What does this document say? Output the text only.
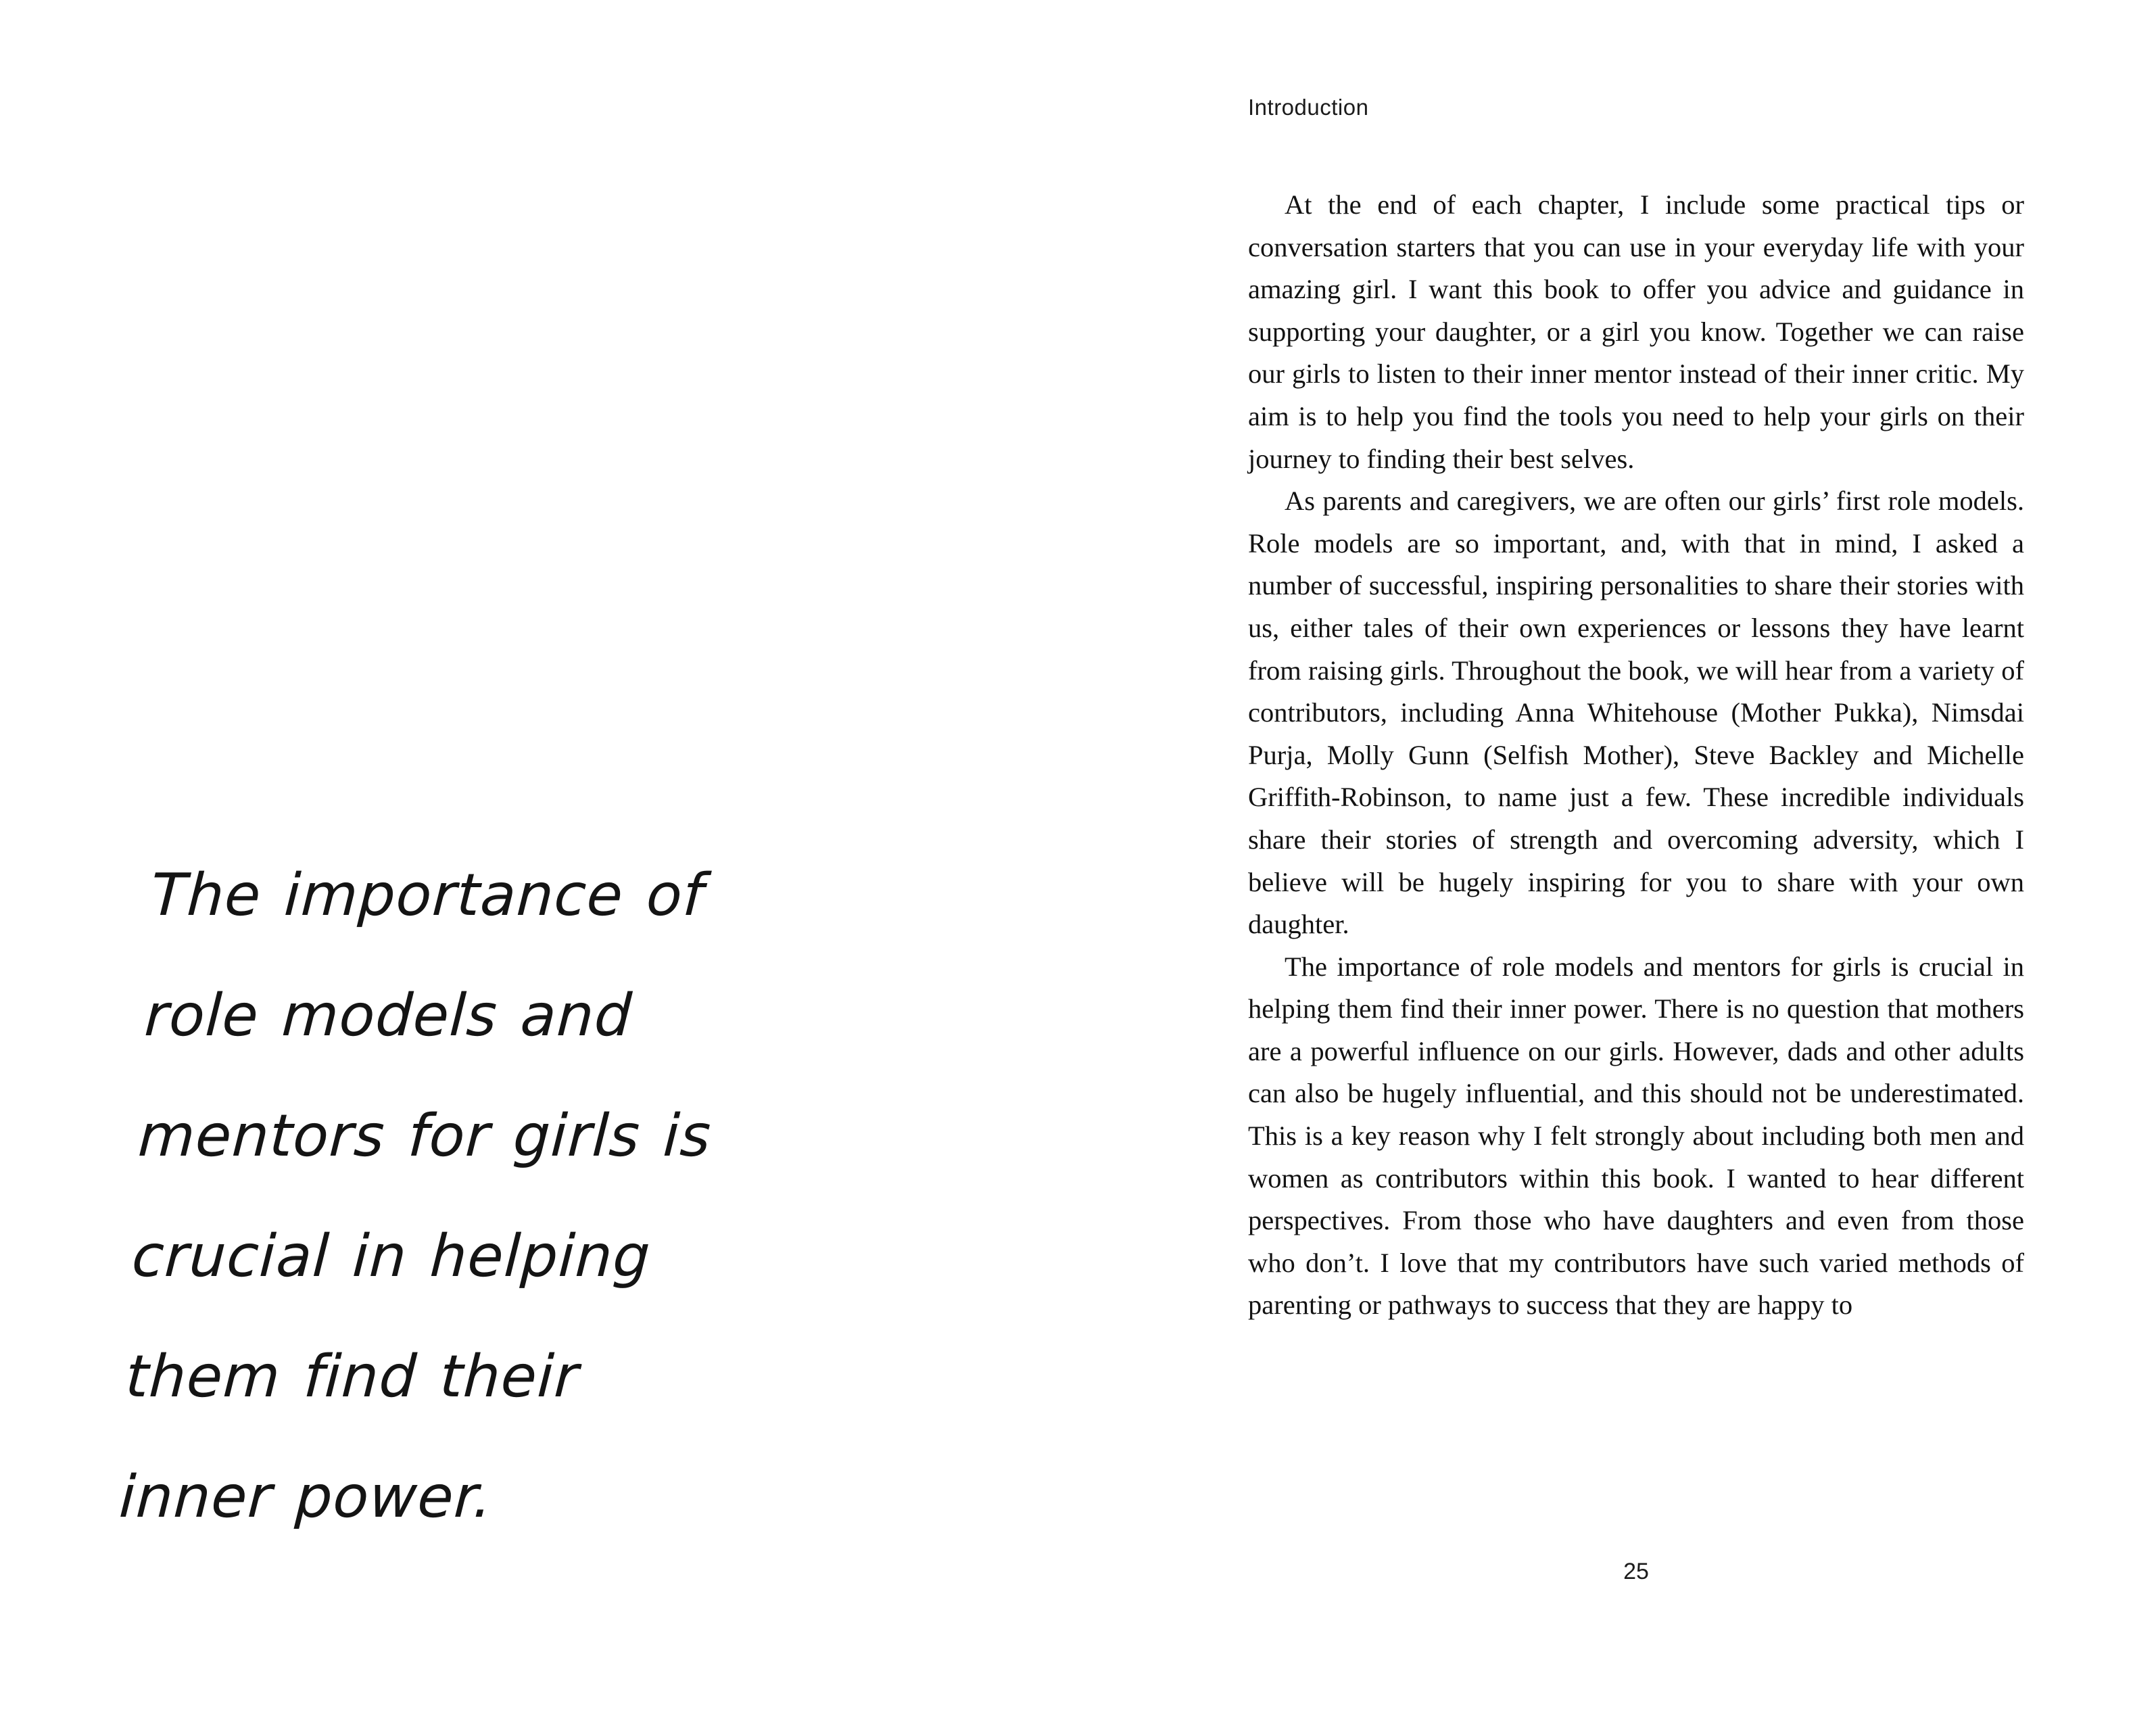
The importance of
role models and
mentors for girls is
crucial in helping
them find their
inner power.
Introduction

At the end of each chapter, I include some practical tips or conversation starters that you can use in your everyday life with your amazing girl. I want this book to offer you advice and guidance in supporting your daughter, or a girl you know. Together we can raise our girls to listen to their inner mentor instead of their inner critic. My aim is to help you find the tools you need to help your girls on their journey to finding their best selves.

As parents and caregivers, we are often our girls’ first role models. Role models are so important, and, with that in mind, I asked a number of successful, inspiring personalities to share their stories with us, either tales of their own experiences or lessons they have learnt from raising girls. Throughout the book, we will hear from a variety of contributors, including Anna Whitehouse (Mother Pukka), Nimsdai Purja, Molly Gunn (Selfish Mother), Steve Backley and Michelle Griffith-Robinson, to name just a few. These incredible individuals share their stories of strength and overcoming adversity, which I believe will be hugely inspiring for you to share with your own daughter.

The importance of role models and mentors for girls is crucial in helping them find their inner power. There is no question that mothers are a powerful influence on our girls. However, dads and other adults can also be hugely influential, and this should not be underestimated. This is a key reason why I felt strongly about including both men and women as contributors within this book. I wanted to hear different perspectives. From those who have daughters and even from those who don’t. I love that my contributors have such varied methods of parenting or pathways to success that they are happy to

25
